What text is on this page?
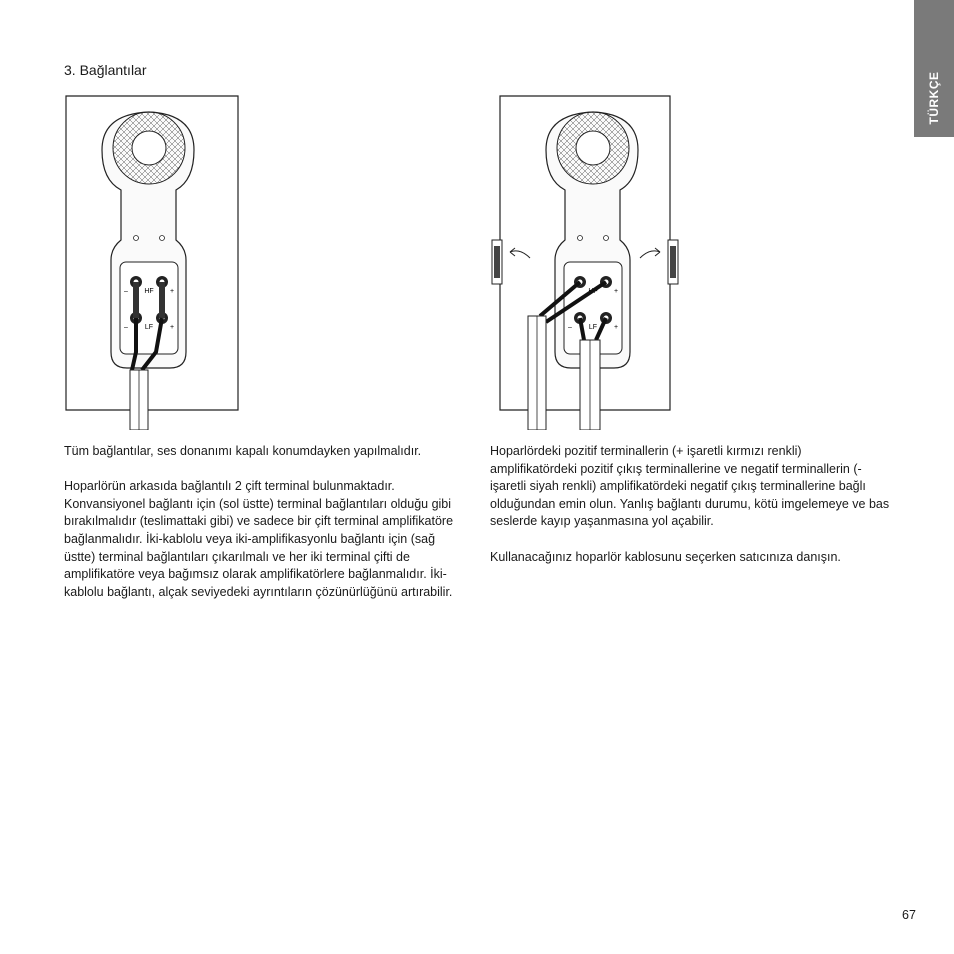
TÜRKÇE
3. Bağlantılar
HF
LF
–	+
–	+
HF
LF
–	+
–	+

Tüm bağlantılar, ses donanımı kapalı konumdayken yapılmalıdır.

Hoparlörün arkasıda bağlantılı 2 çift terminal bulunmaktadır. Konvansiyonel bağlantı için (sol üstte) terminal bağlantıları olduğu gibi bırakılmalıdır (teslimattaki gibi) ve sadece bir çift terminal amplifikatöre bağlanmalıdır. İki-kablolu veya iki-amplifikasyonlu bağlantı için (sağ üstte) terminal bağlantıları çıkarılmalı ve her iki terminal çifti de amplifikatöre veya bağımsız olarak amplifikatörlere bağlanmalıdır. İki-kablolu bağlantı, alçak seviyedeki ayrıntıların çözünürlüğünü artırabilir.

Hoparlördeki pozitif terminallerin (+ işaretli kırmızı renkli) amplifikatördeki pozitif çıkış terminallerine ve negatif terminallerin (- işaretli siyah renkli) amplifikatördeki negatif çıkış terminallerine bağlı olduğundan emin olun. Yanlış bağlantı durumu, kötü imgelemeye ve bas seslerde kayıp yaşanmasına yol açabilir.

Kullanacağınız hoparlör kablosunu seçerken satıcınıza danışın.

67
